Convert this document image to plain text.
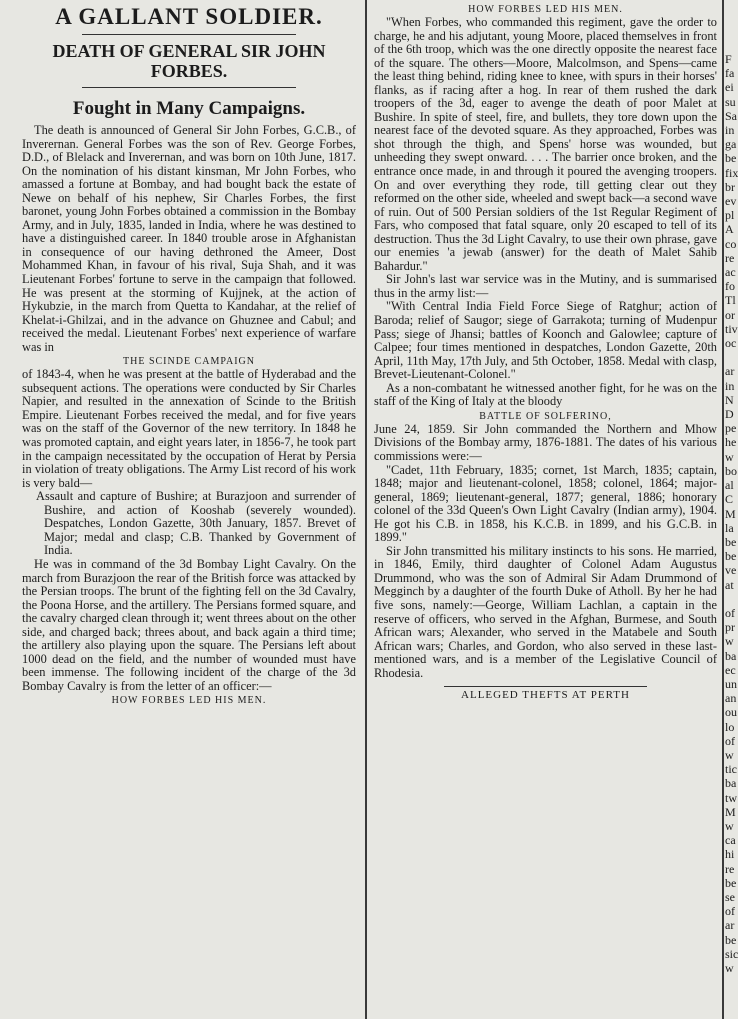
A GALLANT SOLDIER.
DEATH OF GENERAL SIR JOHN FORBES.
Fought in Many Campaigns.

The death is announced of General Sir John Forbes, G.C.B., of Inverernan. General Forbes was the son of Rev. George Forbes, D.D., of Blelack and Inverernan, and was born on 10th June, 1817. On the nomination of his distant kinsman, Mr John Forbes, who amassed a fortune at Bombay, and had bought back the estate of Newe on behalf of his nephew, Sir Charles Forbes, the first baronet, young John Forbes obtained a commission in the Bombay Army, and in July, 1835, landed in India, where he was destined to have a distinguished career. In 1840 trouble arose in Afghanistan in consequence of our having dethroned the Ameer, Dost Mohammed Khan, in favour of his rival, Suja Shah, and it was Lieutenant Forbes' fortune to serve in the campaign that followed. He was present at the storming of Kujjnek, at the action of Hykubzie, in the march from Quetta to Kandahar, at the relief of Khelat-i-Ghilzai, and in the advance on Ghuznee and Cabul; and received the medal. Lieutenant Forbes' next experience of warfare was in

THE SCINDE CAMPAIGN

of 1843-4, when he was present at the battle of Hyderabad and the subsequent actions. The operations were conducted by Sir Charles Napier, and resulted in the annexation of Scinde to the British Empire. Lieutenant Forbes received the medal, and for five years was on the staff of the Governor of the new territory. In 1848 he was promoted captain, and eight years later, in 1856-7, he took part in the campaign necessitated by the occupation of Herat by Persia in violation of treaty obligations. The Army List record of his work is very bald—

Assault and capture of Bushire; at Burazjoon and surrender of Bushire, and action of Kooshab (severely wounded). Despatches, London Gazette, 30th January, 1857. Brevet of Major; medal and clasp; C.B. Thanked by Government of India.

He was in command of the 3d Bombay Light Cavalry. On the march from Burazjoon the rear of the British force was attacked by the Persian troops. The brunt of the fighting fell on the 3d Cavalry, the Poona Horse, and the artillery. The Persians formed square, and the cavalry charged clean through it; went threes about on the other side, and charged back; threes about, and back again a third time; the artillery also playing upon the square. The Persians left about 1000 dead on the field, and the number of wounded must have been immense. The following incident of the charge of the 3d Bombay Cavalry is from the letter of an officer:—

HOW FORBES LED HIS MEN.
HOW FORBES LED HIS MEN.

"When Forbes, who commanded this regiment, gave the order to charge, he and his adjutant, young Moore, placed themselves in front of the 6th troop, which was the one directly opposite the nearest face of the square. The others—Moore, Malcolmson, and Spens—came the least thing behind, riding knee to knee, with spurs in their horses' flanks, as if racing after a hog. In rear of them rushed the dark troopers of the 3d, eager to avenge the death of poor Malet at Bushire. In spite of steel, fire, and bullets, they tore down upon the nearest face of the devoted square. As they approached, Forbes was shot through the thigh, and Spens' horse was wounded, but unheeding they swept onward. . . . The barrier once broken, and the entrance once made, in and through it poured the avenging troopers. On and over everything they rode, till getting clear out they reformed on the other side, wheeled and swept back—a second wave of ruin. Out of 500 Persian soldiers of the 1st Regular Regiment of Fars, who composed that fatal square, only 20 escaped to tell of its destruction. Thus the 3d Light Cavalry, to use their own phrase, gave our enemies 'a jewab (answer) for the death of Malet Sahib Bahardur."

Sir John's last war service was in the Mutiny, and is summarised thus in the army list:—

"With Central India Field Force Siege of Ratghur; action of Baroda; relief of Saugor; siege of Garrakota; turning of Mudenpur Pass; siege of Jhansi; battles of Koonch and Galowlee; capture of Calpee; four times mentioned in despatches, London Gazette, 20th April, 11th May, 17th July, and 5th October, 1858. Medal with clasp, Brevet-Lieutenant-Colonel."

As a non-combatant he witnessed another fight, for he was on the staff of the King of Italy at the bloody

BATTLE OF SOLFERINO,

June 24, 1859. Sir John commanded the Northern and Mhow Divisions of the Bombay army, 1876-1881. The dates of his various commissions were:—

"Cadet, 11th February, 1835; cornet, 1st March, 1835; captain, 1848; major and lieutenant-colonel, 1858; colonel, 1864; major-general, 1869; lieutenant-general, 1877; general, 1886; honorary colonel of the 33d Queen's Own Light Cavalry (Indian army), 1904. He got his C.B. in 1858, his K.C.B. in 1899, and his G.C.B. in 1899."

Sir John transmitted his military instincts to his sons. He married, in 1846, Emily, third daughter of Colonel Adam Augustus Drummond, who was the son of Admiral Sir Adam Drummond of Megginch by a daughter of the fourth Duke of Atholl. By her he had five sons, namely:—George, William Lachlan, a captain in the reserve of officers, who served in the Afghan, Burmese, and South African wars; Alexander, who served in the Matabele and South African wars; Charles, and Gordon, who also served in these last-mentioned wars, and is a member of the Legislative Council of Rhodesia.

ALLEGED THEFTS AT PERTH
F
fa
ei
su
Sa
in
ga
be
fix
br
ev
pl
A
co
re
ac
fo
Tl
or
tiv
oc

ar
in
N
D
pe
he
w
bo
al
C
M
la
be
be
ve
at

of
pr
w
ba
ec
un
an
ou
lo
of
w
tic
ba
tw
M
w
ca
hi
re
be
se
of
ar
be
sic
w
